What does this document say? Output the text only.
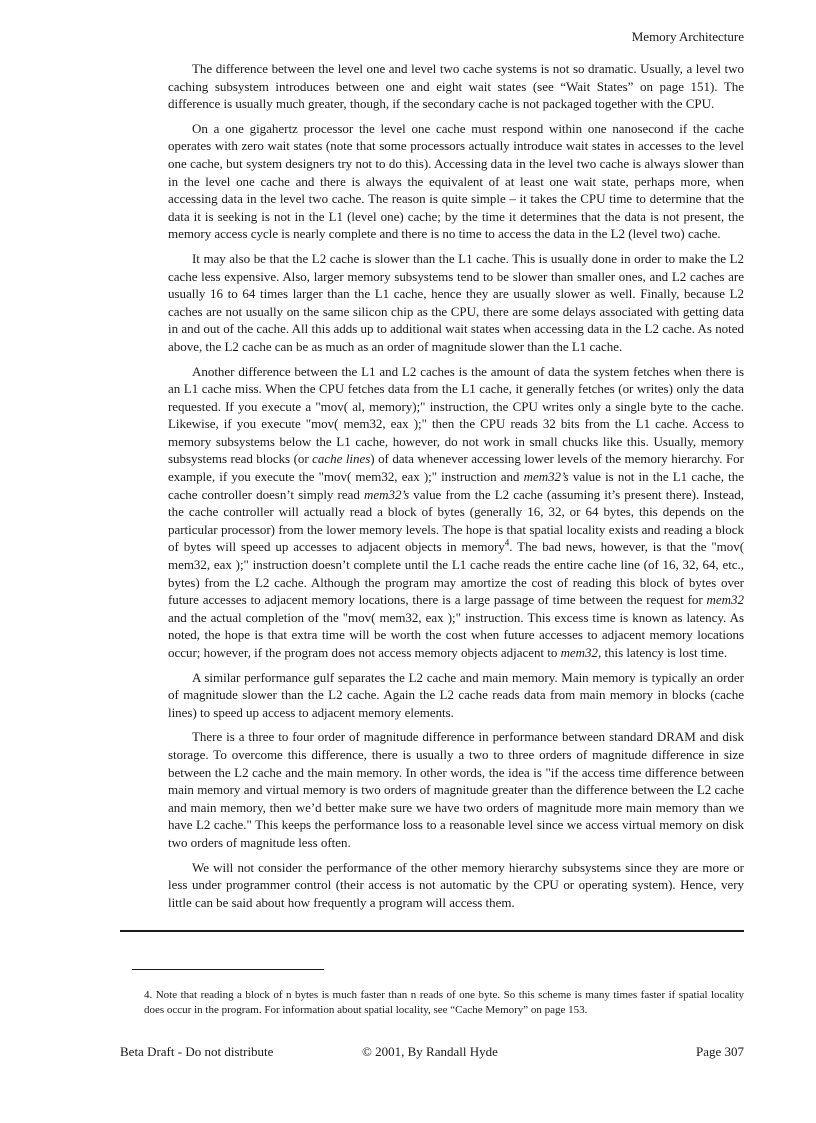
Memory Architecture

The difference between the level one and level two cache systems is not so dramatic. Usually, a level two caching subsystem introduces between one and eight wait states (see “Wait States” on page 151). The difference is usually much greater, though, if the secondary cache is not packaged together with the CPU.

On a one gigahertz processor the level one cache must respond within one nanosecond if the cache operates with zero wait states (note that some processors actually introduce wait states in accesses to the level one cache, but system designers try not to do this). Accessing data in the level two cache is always slower than in the level one cache and there is always the equivalent of at least one wait state, perhaps more, when accessing data in the level two cache. The reason is quite simple – it takes the CPU time to determine that the data it is seeking is not in the L1 (level one) cache; by the time it determines that the data is not present, the memory access cycle is nearly complete and there is no time to access the data in the L2 (level two) cache.

It may also be that the L2 cache is slower than the L1 cache. This is usually done in order to make the L2 cache less expensive. Also, larger memory subsystems tend to be slower than smaller ones, and L2 caches are usually 16 to 64 times larger than the L1 cache, hence they are usually slower as well. Finally, because L2 caches are not usually on the same silicon chip as the CPU, there are some delays associated with getting data in and out of the cache. All this adds up to additional wait states when accessing data in the L2 cache. As noted above, the L2 cache can be as much as an order of magnitude slower than the L1 cache.

Another difference between the L1 and L2 caches is the amount of data the system fetches when there is an L1 cache miss. When the CPU fetches data from the L1 cache, it generally fetches (or writes) only the data requested. If you execute a "mov( al, memory);" instruction, the CPU writes only a single byte to the cache. Likewise, if you execute "mov( mem32, eax );" then the CPU reads 32 bits from the L1 cache. Access to memory subsystems below the L1 cache, however, do not work in small chucks like this. Usually, memory subsystems read blocks (or cache lines) of data whenever accessing lower levels of the memory hierarchy. For example, if you execute the "mov( mem32, eax );" instruction and mem32’s value is not in the L1 cache, the cache controller doesn’t simply read mem32’s value from the L2 cache (assuming it’s present there). Instead, the cache controller will actually read a block of bytes (generally 16, 32, or 64 bytes, this depends on the particular processor) from the lower memory levels. The hope is that spatial locality exists and reading a block of bytes will speed up accesses to adjacent objects in memory$^4$. The bad news, however, is that the "mov( mem32, eax );" instruction doesn’t complete until the L1 cache reads the entire cache line (of 16, 32, 64, etc., bytes) from the L2 cache. Although the program may amortize the cost of reading this block of bytes over future accesses to adjacent memory locations, there is a large passage of time between the request for mem32 and the actual completion of the "mov( mem32, eax );" instruction. This excess time is known as latency. As noted, the hope is that extra time will be worth the cost when future accesses to adjacent memory locations occur; however, if the program does not access memory objects adjacent to mem32, this latency is lost time.

A similar performance gulf separates the L2 cache and main memory. Main memory is typically an order of magnitude slower than the L2 cache. Again the L2 cache reads data from main memory in blocks (cache lines) to speed up access to adjacent memory elements.

There is a three to four order of magnitude difference in performance between standard DRAM and disk storage. To overcome this difference, there is usually a two to three orders of magnitude difference in size between the L2 cache and the main memory. In other words, the idea is "if the access time difference between main memory and virtual memory is two orders of magnitude greater than the difference between the L2 cache and main memory, then we’d better make sure we have two orders of magnitude more main memory than we have L2 cache." This keeps the performance loss to a reasonable level since we access virtual memory on disk two orders of magnitude less often.

We will not consider the performance of the other memory hierarchy subsystems since they are more or less under programmer control (their access is not automatic by the CPU or operating system). Hence, very little can be said about how frequently a program will access them.

4. Note that reading a block of n bytes is much faster than n reads of one byte. So this scheme is many times faster if spatial locality does occur in the program. For information about spatial locality, see “Cache Memory” on page 153.
Beta Draft - Do not distribute	© 2001, By Randall Hyde	Page 307
